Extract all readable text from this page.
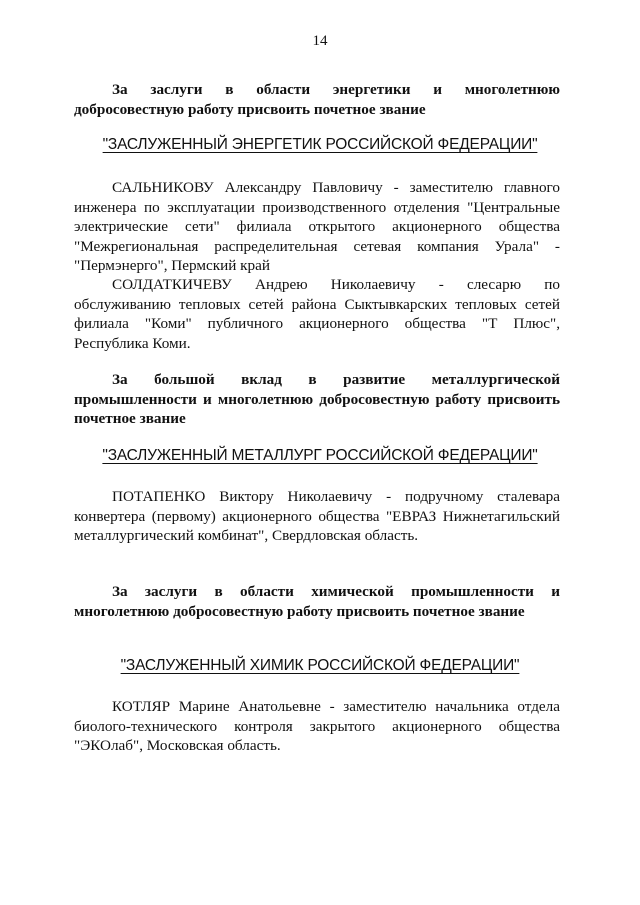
14

За заслуги в области энергетики и многолетнюю добросовестную работу присвоить почетное звание

"ЗАСЛУЖЕННЫЙ ЭНЕРГЕТИК РОССИЙСКОЙ ФЕДЕРАЦИИ"

САЛЬНИКОВУ Александру Павловичу - заместителю главного инженера по эксплуатации производственного отделения "Центральные электрические сети" филиала открытого акционерного общества "Межрегиональная распределительная сетевая компания Урала" - "Пермэнерго", Пермский край

СОЛДАТКИЧЕВУ Андрею Николаевичу - слесарю по обслуживанию тепловых сетей района Сыктывкарских тепловых сетей филиала "Коми" публичного акционерного общества "Т Плюс", Республика Коми.

За большой вклад в развитие металлургической промышленности и многолетнюю добросовестную работу присвоить почетное звание

"ЗАСЛУЖЕННЫЙ МЕТАЛЛУРГ РОССИЙСКОЙ ФЕДЕРАЦИИ"

ПОТАПЕНКО Виктору Николаевичу - подручному сталевара конвертера (первому) акционерного общества "ЕВРАЗ Нижнетагильский металлургический комбинат", Свердловская область.

За заслуги в области химической промышленности и многолетнюю добросовестную работу присвоить почетное звание

"ЗАСЛУЖЕННЫЙ ХИМИК РОССИЙСКОЙ ФЕДЕРАЦИИ"

КОТЛЯР Марине Анатольевне - заместителю начальника отдела биолого-технического контроля закрытого акционерного общества "ЭКОлаб", Московская область.
